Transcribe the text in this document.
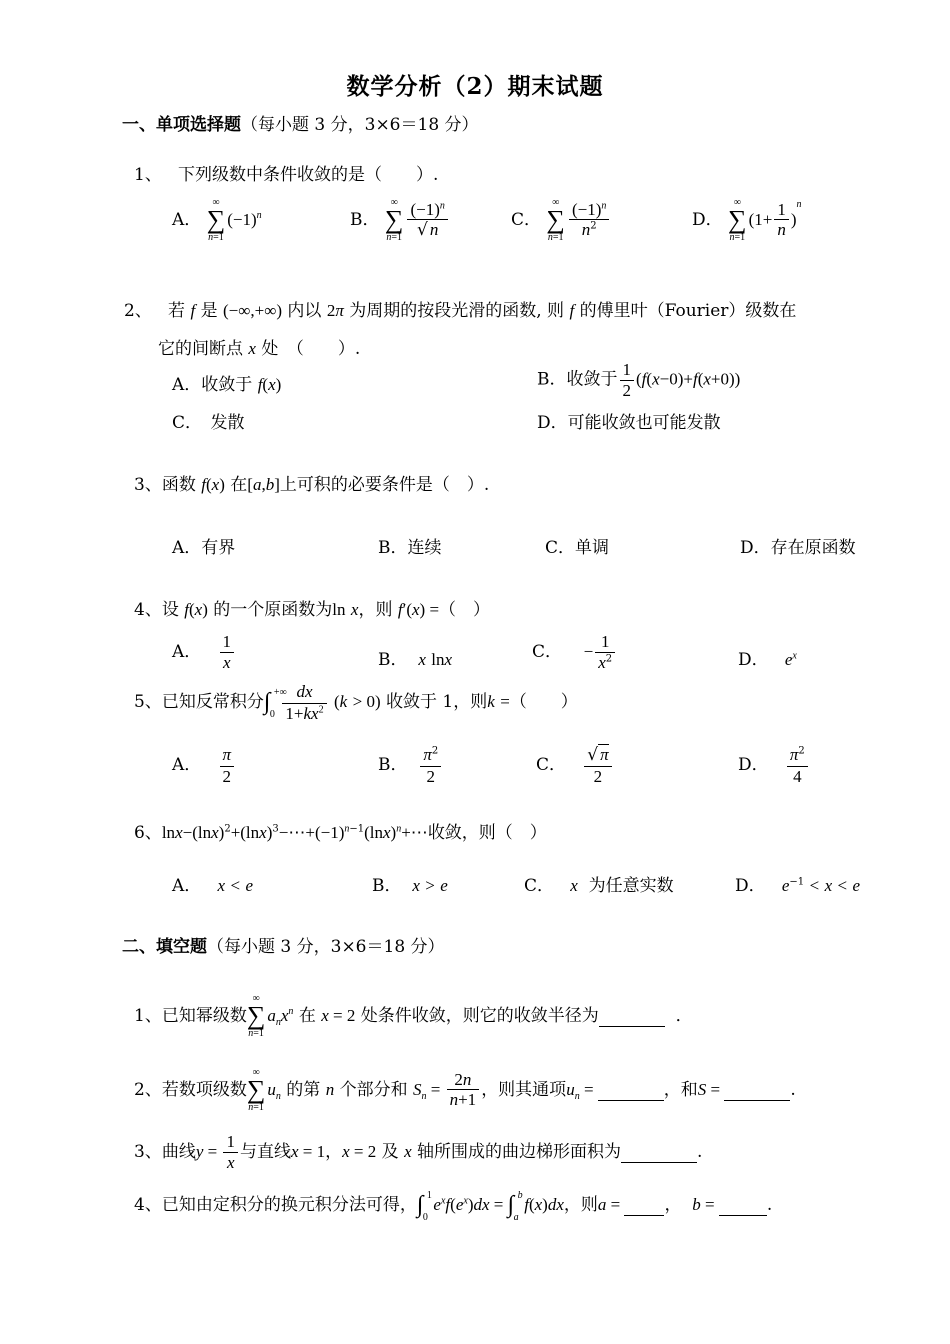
数学分析（2）期末试题
一、单项选择题（每小题 3 分，3×6＝18 分）
1、 下列级数中条件收敛的是（　　）.
A．
∞
∑
n=1
$(-1)^n$	B．
∞
∑
$n=1 \frac{(-1)^n}{√ n}$	C．
∞
∑
$n=1 \frac{(-1)^n}{n^2}$	D．
∞
∑
n=1
$(1+ \frac{1}{n} )^n$
2、 若 f 是 (−∞,+∞) 内以 2π 为周期的按段光滑的函数, 则 f 的傅里叶（Fourier）级数在
它的间断点 x 处　（　　）.
A．收敛于 f(x)	B．收敛于 $\frac{1}{2} (f(x-0)+f(x+0))$
C．　发散	D．可能收敛也可能发散
3、函数 f(x) 在[a,b]上可积的必要条件是（　）.
A．有界	B．连续	C．单调	D．存在原函数
4、设 f(x) 的一个原函数为ln x，则 f′(x) =（　）
A． $\frac{1}{x}$	B． x lnx	C． − $\frac{1}{x^2}$	D． $e^x$
5、已知反常积分∫ +∞
$0 \frac{dx}{1+kx^2} (k > 0)$ 收敛于 1，则k =（　　）
A． $\frac{\pi}{2}$	B． $\frac{\pi^2}{2}$	C． $\frac{√ \pi}{2}$	D． $\frac{\pi^2}{4}$
6、$\ln x-(\ln x)^2+(\ln x)^3-\cdots+(-1)^{n-1}(\ln x)^n+\cdots$收敛，则（　）
A． x < e	B． x > e	C． x 为任意实数	D． $e^{-1} < x < e$
二、填空题（每小题 3 分，3×6＝18 分）
1、已知幂级数
∞
∑
n=1
$a_nx^n$ 在 x = 2 处条件收敛，则它的收敛半径为	．
2、若数项级数
∞
∑
n=1
$u_n$ 的第 n 个部分和 $S_n = \frac{2n}{n+1}$ ，则其通项$u_n$ =	，和S =	.
3、曲线$y = \frac{1}{x}$ 与直线x = 1，x = 2 及 x 轴所围成的曲边梯形面积为	.
4、已知由定积分的换元积分法可得，∫ 1
0
$e^xf(e^x)dx$ = ∫ b
a
f(x)dx，则a =  ， b =	.
